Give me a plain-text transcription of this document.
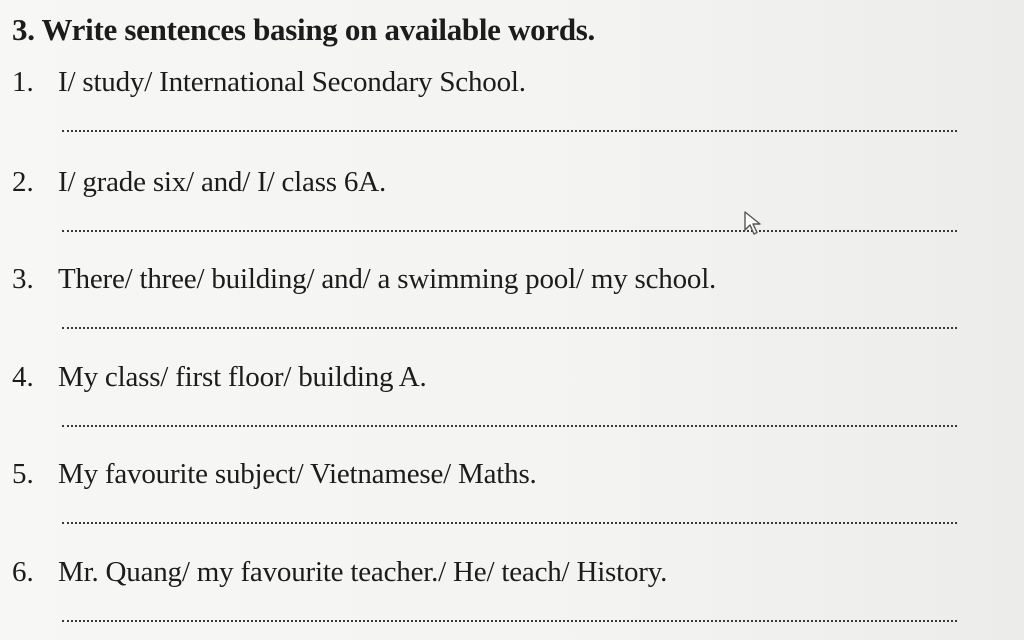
3. Write sentences basing on available words.
1. I/ study/ International Secondary School.
2. I/ grade six/ and/ I/ class 6A.
3. There/ three/ building/ and/ a swimming pool/ my school.
4. My class/ first floor/ building A.
5. My favourite subject/ Vietnamese/ Maths.
6. Mr. Quang/ my favourite teacher./ He/ teach/ History.
